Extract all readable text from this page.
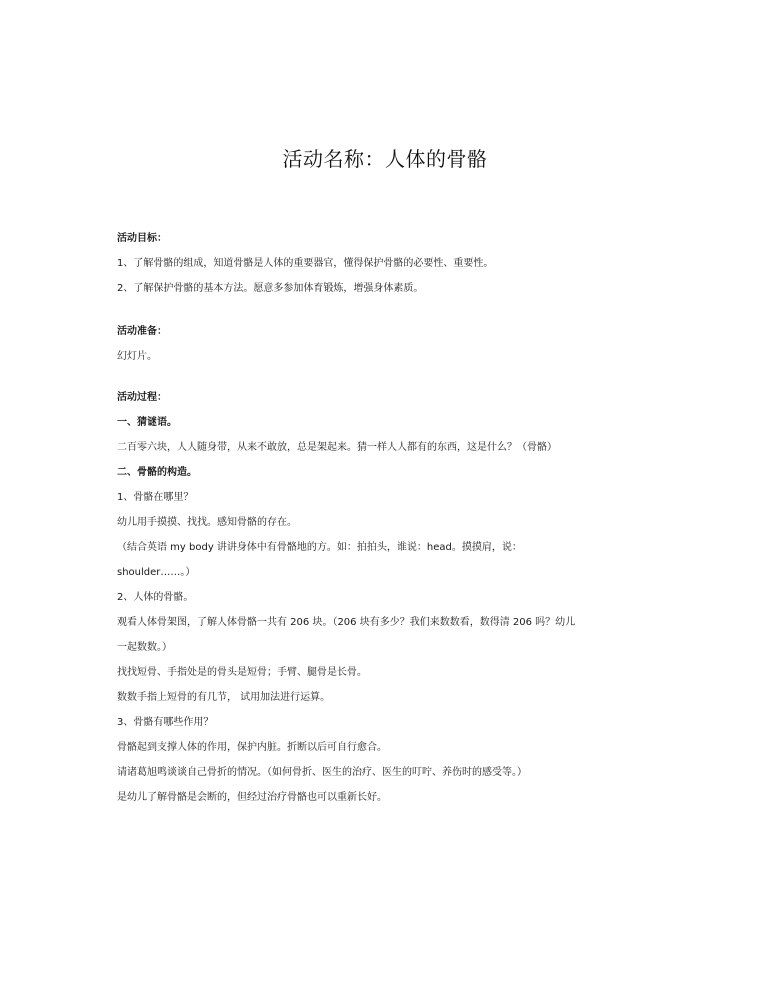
活动名称：人体的骨骼
活动目标：
1、了解骨骼的组成，知道骨骼是人体的重要器官，懂得保护骨骼的必要性、重要性。
2、了解保护骨骼的基本方法。愿意多参加体育锻炼，增强身体素质。
活动准备：
幻灯片。
活动过程：
一、猜谜语。
二百零六块，人人随身带，从来不敢放，总是架起来。猜一样人人都有的东西，这是什么？（骨骼）
二、骨骼的构造。
1、骨骼在哪里？
幼儿用手摸摸、找找。感知骨骼的存在。
（结合英语 my body 讲讲身体中有骨骼地的方。如：拍拍头，谁说：head。摸摸肩，说：
shoulder……。）
2、人体的骨骼。
观看人体骨架图，了解人体骨骼一共有 206 块。（206 块有多少？我们来数数看，数得清 206 吗？幼儿
一起数数。）
找找短骨、手指处是的骨头是短骨；手臂、腿骨是长骨。
数数手指上短骨的有几节， 试用加法进行运算。
3、骨骼有哪些作用？
骨骼起到支撑人体的作用，保护内脏。折断以后可自行愈合。
请诸葛旭鸣谈谈自己骨折的情况。（如何骨折、医生的治疗、医生的叮咛、养伤时的感受等。）
是幼儿了解骨骼是会断的，但经过治疗骨骼也可以重新长好。
